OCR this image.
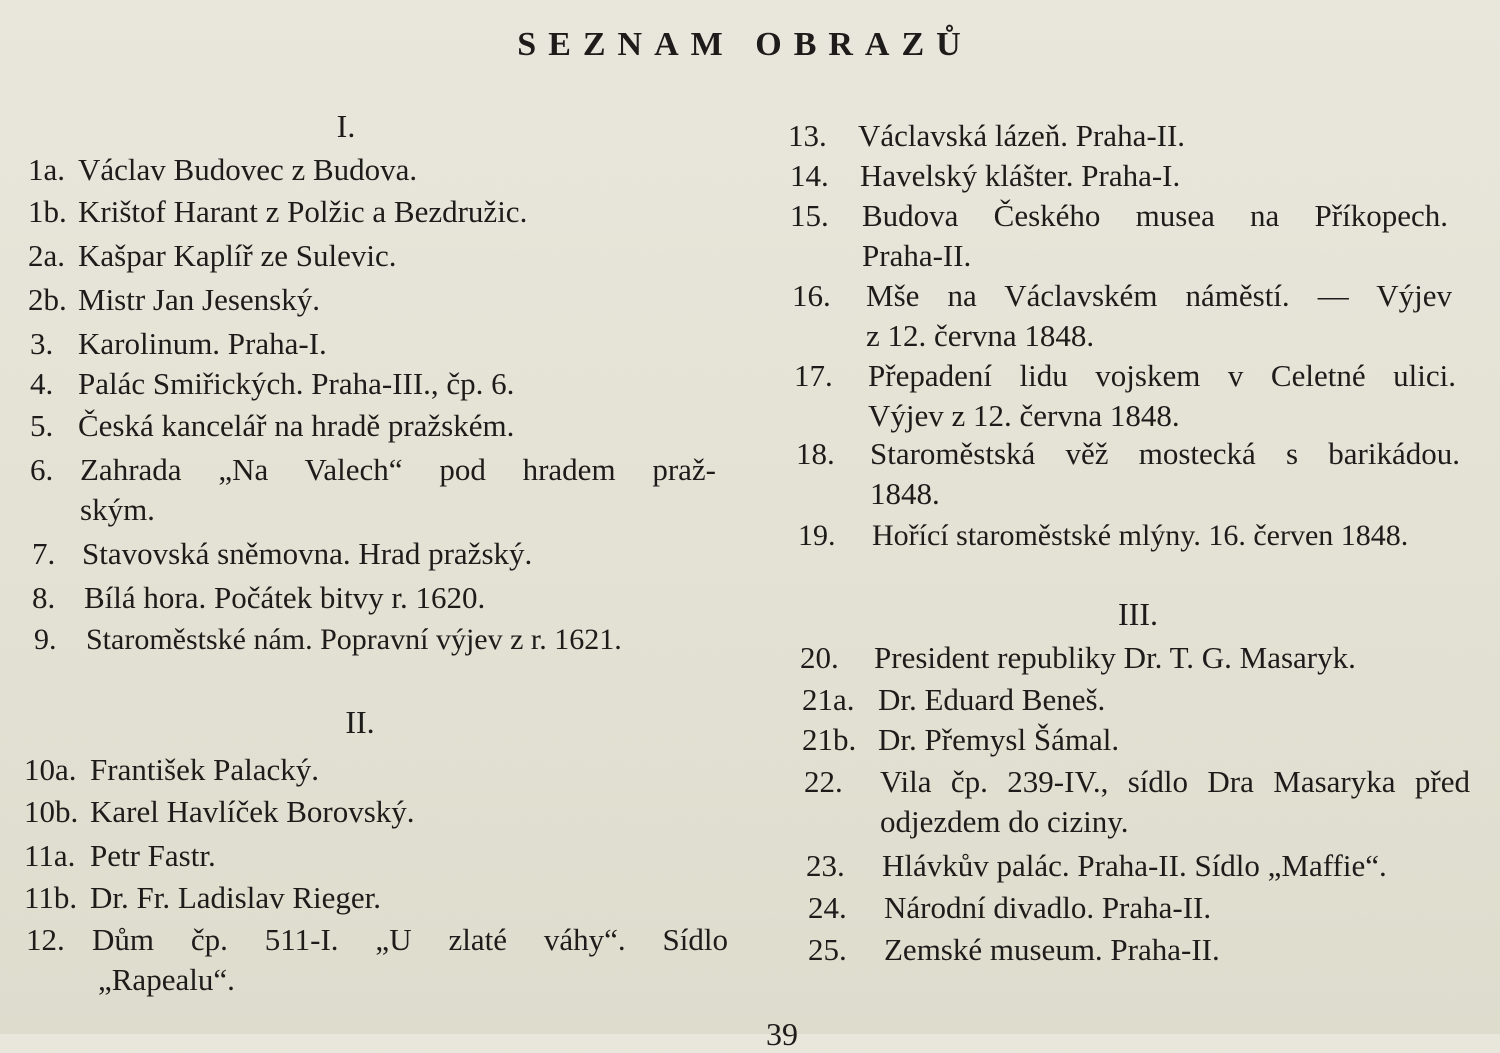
SEZNAM OBRAZŮ
I.
1a. Václav Budovec z Budova.
1b. Krištof Harant z Polžic a Bezdružic.
2a. Kašpar Kaplíř ze Sulevic.
2b. Mistr Jan Jesenský.
3. Karolinum. Praha-I.
4. Palác Smiřických. Praha-III., čp. 6.
5. Česká kancelář na hradě pražském.
6. Zahrada „Na Valech“ pod hradem praž-
ským.
7. Stavovská sněmovna. Hrad pražský.
8. Bílá hora. Počátek bitvy r. 1620.
9. Staroměstské nám. Popravní výjev z r. 1621.
II.
10a. František Palacký.
10b. Karel Havlíček Borovský.
11a. Petr Fastr.
11b. Dr. Fr. Ladislav Rieger.
12. Dům čp. 511-I. „U zlaté váhy“. Sídlo
„Rapealu“.
13. Václavská lázeň. Praha-II.
14. Havelský klášter. Praha-I.
15. Budova Českého musea na Příkopech.
Praha-II.
16. Mše na Václavském náměstí. — Výjev
z 12. června 1848.
17. Přepadení lidu vojskem v Celetné ulici.
Výjev z 12. června 1848.
18. Staroměstská věž mostecká s barikádou.
1848.
19. Hořící staroměstské mlýny. 16. červen 1848.
III.
20. President republiky Dr. T. G. Masaryk.
21a. Dr. Eduard Beneš.
21b. Dr. Přemysl Šámal.
22. Vila čp. 239-IV., sídlo Dra Masaryka před
odjezdem do ciziny.
23. Hlávkův palác. Praha-II. Sídlo „Maffie“.
24. Národní divadlo. Praha-II.
25. Zemské museum. Praha-II.
39
